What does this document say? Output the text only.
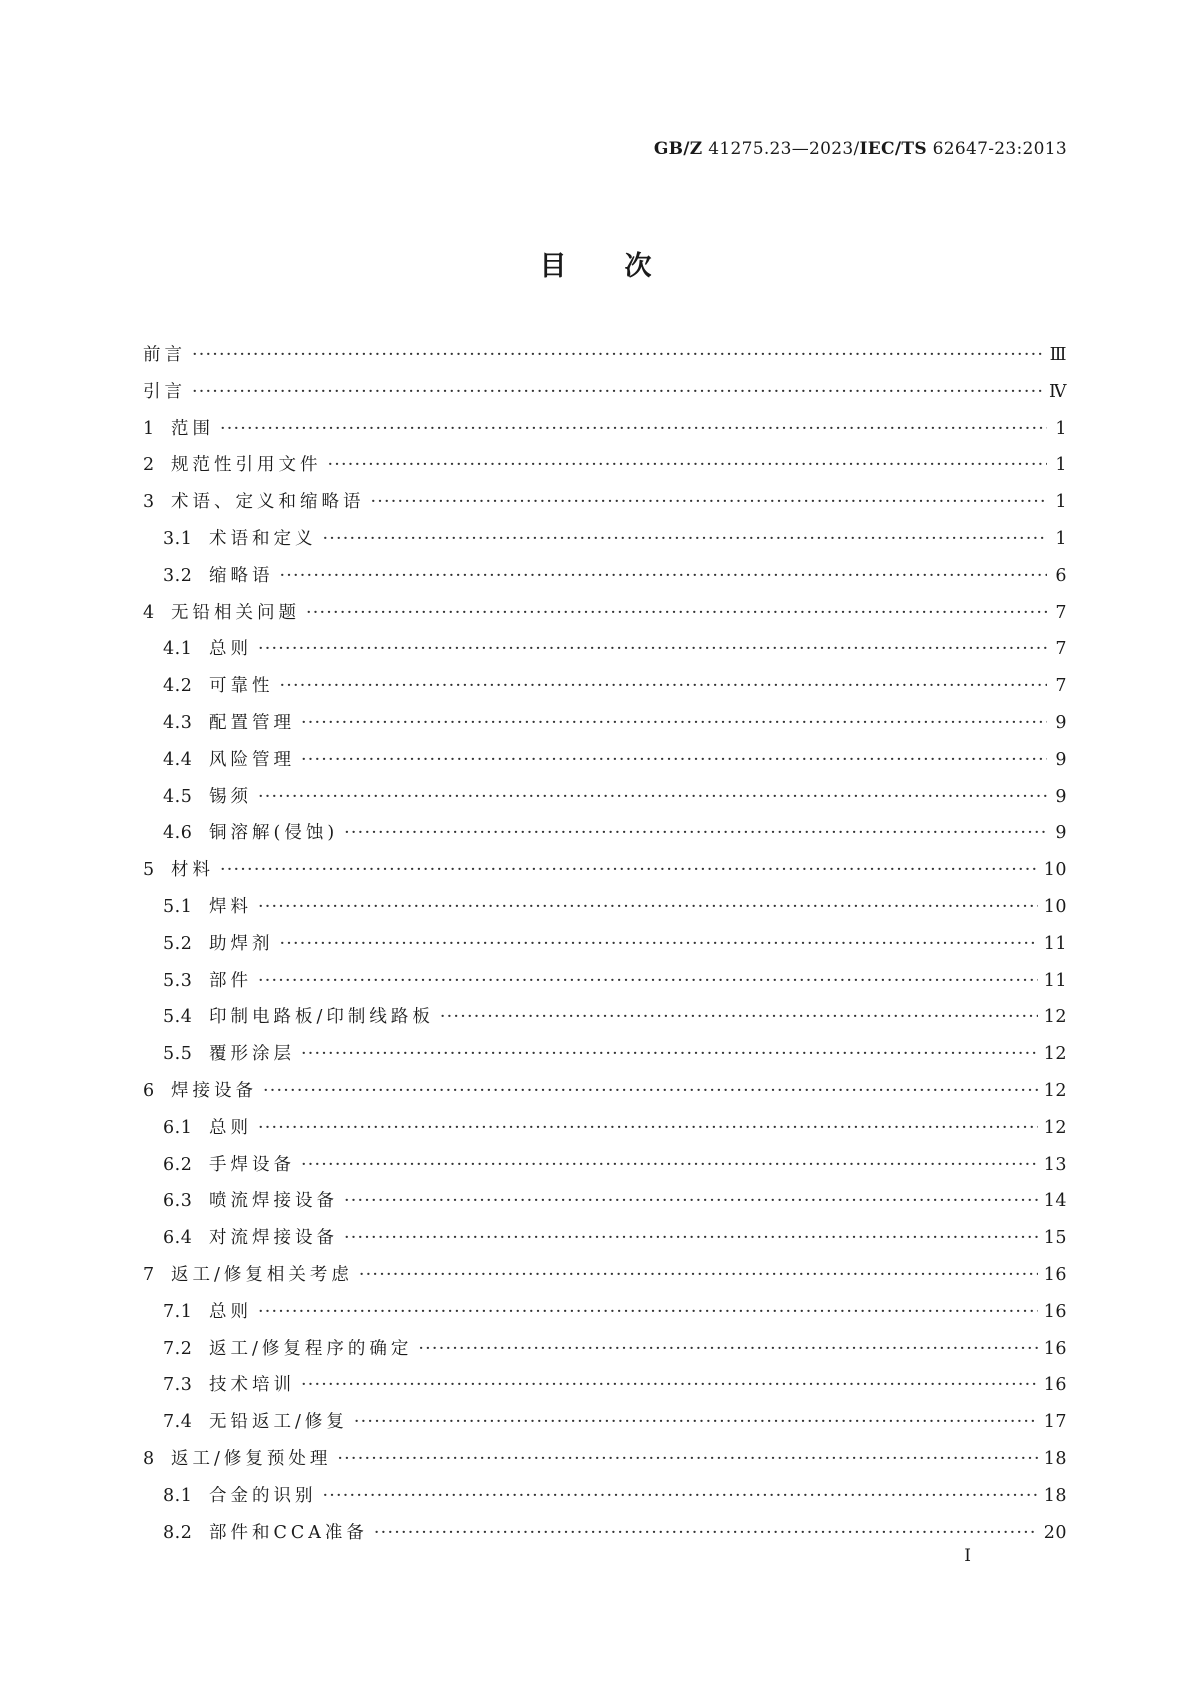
GB/Z 41275.23—2023/IEC/TS 62647-23:2013
目次
前言 ·····	Ⅲ
引言 ·····	Ⅳ
1 范围 ·····	1
2 规范性引用文件 ·····	1
3 术语、定义和缩略语 ·····	1
3.1 术语和定义 ·····	1
3.2 缩略语 ·····	6
4 无铅相关问题 ·····	7
4.1 总则 ·····	7
4.2 可靠性 ·····	7
4.3 配置管理 ·····	9
4.4 风险管理 ·····	9
4.5 锡须 ·····	9
4.6 铜溶解(侵蚀) ·····	9
5 材料 ·····	10
5.1 焊料 ·····	10
5.2 助焊剂 ·····	11
5.3 部件 ·····	11
5.4 印制电路板/印制线路板 ·····	12
5.5 覆形涂层 ·····	12
6 焊接设备 ·····	12
6.1 总则 ·····	12
6.2 手焊设备 ·····	13
6.3 喷流焊接设备 ·····	14
6.4 对流焊接设备 ·····	15
7 返工/修复相关考虑 ·····	16
7.1 总则 ·····	16
7.2 返工/修复程序的确定 ·····	16
7.3 技术培训 ·····	16
7.4 无铅返工/修复 ·····	17
8 返工/修复预处理 ·····	18
8.1 合金的识别 ·····	18
8.2 部件和CCA准备 ·····	20
Ⅰ
